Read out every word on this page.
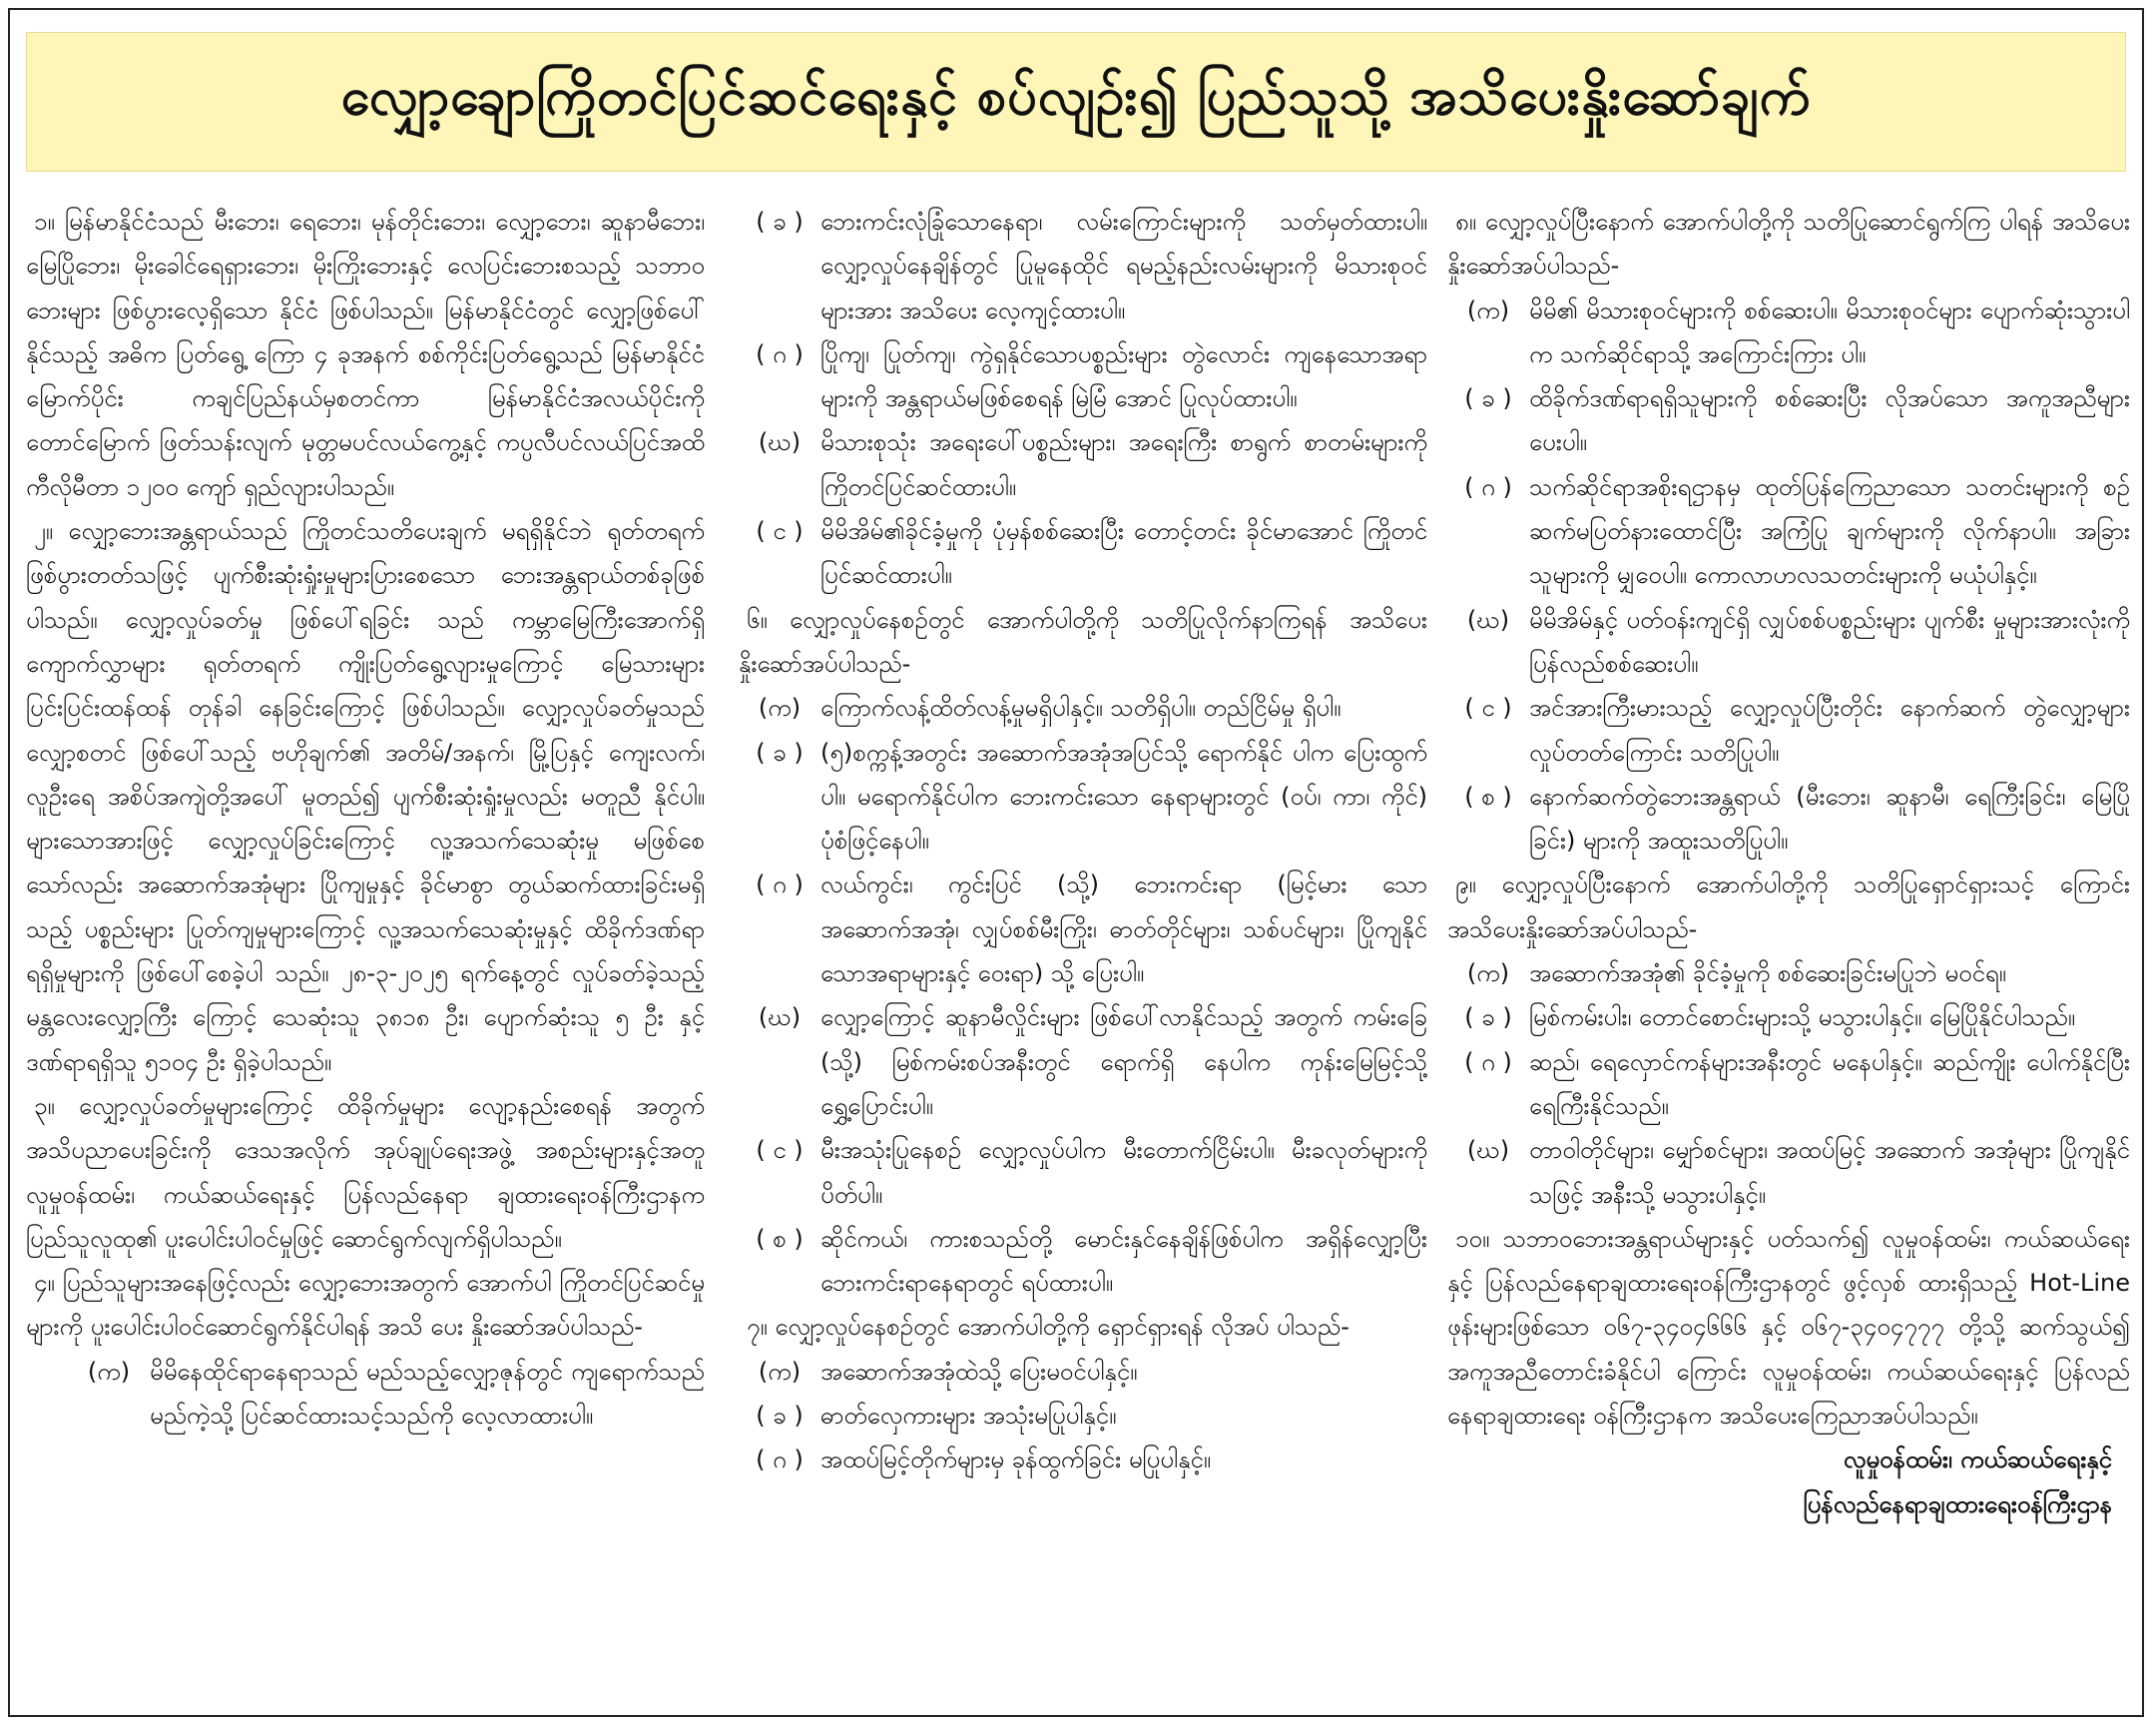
လျှော့ချောကြိုတင်ပြင်ဆင်ရေးနှင့် စပ်လျဉ်း၍ ပြည်သူသို့ အသိပေးနှိုးဆော်ချက်

၁။ မြန်မာနိုင်ငံသည် မီးဘေး၊ ရေဘေး၊ မုန်တိုင်းဘေး၊ လျှော့ဘေး၊ ဆူနာမီဘေး၊ မြေပြိုဘေး၊ မိုးခေါင်ရေရှားဘေး၊ မိုးကြိုးဘေးနှင့် လေပြင်းဘေးစသည့် သဘာဝဘေးများ ဖြစ်ပွားလေ့ရှိသော နိုင်ငံ ဖြစ်ပါသည်။ မြန်မာနိုင်ငံတွင် လျှော့ဖြစ်ပေါ်နိုင်သည့် အဓိက ပြတ်ရွေ့ ကြော ၄ ခုအနက် စစ်ကိုင်းပြတ်ရွေ့သည် မြန်မာနိုင်ငံမြောက်ပိုင်း ကချင်ပြည်နယ်မှစတင်ကာ မြန်မာနိုင်ငံအလယ်ပိုင်းကို တောင်မြောက် ဖြတ်သန်းလျက် မုတ္တမပင်လယ်ကွေ့နှင့် ကပ္ပလီပင်လယ်ပြင်အထိ ကီလိုမီတာ ၁၂၀၀ ကျော် ရှည်လျားပါသည်။

၂။ လျှော့ဘေးအန္တရာယ်သည် ကြိုတင်သတိပေးချက် မရရှိနိုင်ဘဲ ရုတ်တရက် ဖြစ်ပွားတတ်သဖြင့် ပျက်စီးဆုံးရှုံးမှုများပြားစေသော ဘေးအန္တရာယ်တစ်ခုဖြစ်ပါသည်။ လျှော့လှုပ်ခတ်မှု ဖြစ်ပေါ်ရခြင်း သည် ကမ္ဘာမြေကြီးအောက်ရှိ ကျောက်လွှာများ ရုတ်တရက် ကျိုးပြတ်ရွေ့လျားမှုကြောင့် မြေသားများ ပြင်းပြင်းထန်ထန် တုန်ခါ နေခြင်းကြောင့် ဖြစ်ပါသည်။ လျှော့လှုပ်ခတ်မှုသည် လျှော့စတင် ဖြစ်ပေါ်သည့် ဗဟိုချက်၏ အတိမ်/အနက်၊ မြို့ပြနှင့် ကျေးလက်၊ လူဦးရေ အစိပ်အကျဲတို့အပေါ် မူတည်၍ ပျက်စီးဆုံးရှုံးမှုလည်း မတူညီ နိုင်ပါ။ များသောအားဖြင့် လျှော့လှုပ်ခြင်းကြောင့် လူ့အသက်သေဆုံးမှု မဖြစ်စေသော်လည်း အဆောက်အအုံများ ပြိုကျမှုနှင့် ခိုင်မာစွာ တွယ်ဆက်ထားခြင်းမရှိသည့် ပစ္စည်းများ ပြုတ်ကျမှုများကြောင့် လူ့အသက်သေဆုံးမှုနှင့် ထိခိုက်ဒဏ်ရာ ရရှိမှုများကို ဖြစ်ပေါ်စေခဲ့ပါ သည်။ ၂၈-၃-၂၀၂၅ ရက်နေ့တွင် လှုပ်ခတ်ခဲ့သည့် မန္တလေးလျှော့ကြီး ကြောင့် သေဆုံးသူ ၃၈၁၈ ဦး၊ ပျောက်ဆုံးသူ ၅ ဦး နှင့် ဒဏ်ရာရရှိသူ ၅၁၀၄ ဦး ရှိခဲ့ပါသည်။

၃။ လျှော့လှုပ်ခတ်မှုများကြောင့် ထိခိုက်မှုများ လျော့နည်းစေရန် အတွက် အသိပညာပေးခြင်းကို ဒေသအလိုက် အုပ်ချုပ်ရေးအဖွဲ့ အစည်းများနှင့်အတူ လူမှုဝန်ထမ်း၊ ကယ်ဆယ်ရေးနှင့် ပြန်လည်နေရာ ချထားရေးဝန်ကြီးဌာနက ပြည်သူလူထု၏ ပူးပေါင်းပါဝင်မှုဖြင့် ဆောင်ရွက်လျက်ရှိပါသည်။

၄။ ပြည်သူများအနေဖြင့်လည်း လျှော့ဘေးအတွက် အောက်ပါ ကြိုတင်ပြင်ဆင်မှုများကို ပူးပေါင်းပါဝင်ဆောင်ရွက်နိုင်ပါရန် အသိ ပေး နှိုးဆော်အပ်ပါသည်-

(က) မိမိနေထိုင်ရာနေရာသည် မည်သည့်လျှော့ဇုန်တွင် ကျရောက်သည် မည်ကဲ့သို့ ပြင်ဆင်ထားသင့်သည်ကို လေ့လာထားပါ။
( ခ ) ဘေးကင်းလုံခြုံသောနေရာ၊ လမ်းကြောင်းများကို သတ်မှတ်ထားပါ။ လျှော့လှုပ်နေချိန်တွင် ပြုမူနေထိုင် ရမည့်နည်းလမ်းများကို မိသားစုဝင်များအား အသိပေး လေ့ကျင့်ထားပါ။
( ဂ ) ပြိုကျ၊ ပြုတ်ကျ၊ ကွဲရှနိုင်သောပစ္စည်းများ တွဲလောင်း ကျနေသောအရာများကို အန္တရာယ်မဖြစ်စေရန် မြဲမြံ အောင် ပြုလုပ်ထားပါ။
(ဃ) မိသားစုသုံး အရေးပေါ်ပစ္စည်းများ၊ အရေးကြီး စာရွက် စာတမ်းများကို ကြိုတင်ပြင်ဆင်ထားပါ။
( င ) မိမိအိမ်၏ခိုင်ခံ့မှုကို ပုံမှန်စစ်ဆေးပြီး တောင့်တင်း ခိုင်မာအောင် ကြိုတင်ပြင်ဆင်ထားပါ။

၆။ လျှော့လှုပ်နေစဉ်တွင် အောက်ပါတို့ကို သတိပြုလိုက်နာကြရန် အသိပေးနှိုးဆော်အပ်ပါသည်-

(က) ကြောက်လန့်ထိတ်လန့်မှုမရှိပါနှင့်။ သတိရှိပါ။ တည်ငြိမ်မှု ရှိပါ။
( ခ ) (၅)စက္ကန့်အတွင်း အဆောက်အအုံအပြင်သို့ ရောက်နိုင် ပါက ပြေးထွက်ပါ။ မရောက်နိုင်ပါက ဘေးကင်းသော နေရာများတွင် (ဝပ်၊ ကာ၊ ကိုင်) ပုံစံဖြင့်နေပါ။
( ဂ ) လယ်ကွင်း၊ ကွင်းပြင် (သို့) ဘေးကင်းရာ (မြင့်မား သော အဆောက်အအုံ၊ လျှပ်စစ်မီးကြိုး၊ ဓာတ်တိုင်များ၊ သစ်ပင်များ၊ ပြိုကျနိုင်သောအရာများနှင့် ဝေးရာ) သို့ ပြေးပါ။
(ဃ) လျှော့ကြောင့် ဆူနာမီလှိုင်းများ ဖြစ်ပေါ်လာနိုင်သည့် အတွက် ကမ်းခြေ (သို့) မြစ်ကမ်းစပ်အနီးတွင် ရောက်ရှိ နေပါက ကုန်းမြေမြင့်သို့ ရွှေ့ပြောင်းပါ။
( င ) မီးအသုံးပြုနေစဉ် လျှော့လှုပ်ပါက မီးတောက်ငြိမ်းပါ။ မီးခလုတ်များကို ပိတ်ပါ။
( စ ) ဆိုင်ကယ်၊ ကားစသည်တို့ မောင်းနှင်နေချိန်ဖြစ်ပါက အရှိန်လျှော့ပြီး ဘေးကင်းရာနေရာတွင် ရပ်ထားပါ။

၇။ လျှော့လှုပ်နေစဉ်တွင် အောက်ပါတို့ကို ရှောင်ရှားရန် လိုအပ် ပါသည်-

(က) အဆောက်အအုံထဲသို့ ပြေးမဝင်ပါနှင့်။
( ခ ) ဓာတ်လှေကားများ အသုံးမပြုပါနှင့်။
( ဂ ) အထပ်မြင့်တိုက်များမှ ခုန်ထွက်ခြင်း မပြုပါနှင့်။

၈။ လျှော့လှုပ်ပြီးနောက် အောက်ပါတို့ကို သတိပြုဆောင်ရွက်ကြ ပါရန် အသိပေးနှိုးဆော်အပ်ပါသည်-

(က) မိမိ၏ မိသားစုဝင်များကို စစ်ဆေးပါ။ မိသားစုဝင်များ ပျောက်ဆုံးသွားပါက သက်ဆိုင်ရာသို့ အကြောင်းကြား ပါ။
( ခ ) ထိခိုက်ဒဏ်ရာရရှိသူများကို စစ်ဆေးပြီး လိုအပ်သော အကူအညီများပေးပါ။
( ဂ ) သက်ဆိုင်ရာအစိုးရဌာနမှ ထုတ်ပြန်ကြေညာသော သတင်းများကို စဉ်ဆက်မပြတ်နားထောင်ပြီး အကြံပြု ချက်များကို လိုက်နာပါ။ အခြားသူများကို မျှဝေပါ။ ကောလာဟလသတင်းများကို မယုံပါနှင့်။
(ဃ) မိမိအိမ်နှင့် ပတ်ဝန်းကျင်ရှိ လျှပ်စစ်ပစ္စည်းများ ပျက်စီး မှုများအားလုံးကို ပြန်လည်စစ်ဆေးပါ။
( င ) အင်အားကြီးမားသည့် လျှော့လှုပ်ပြီးတိုင်း နောက်ဆက် တွဲလျှော့များ လှုပ်တတ်ကြောင်း သတိပြုပါ။
( စ ) နောက်ဆက်တွဲဘေးအန္တရာယ် (မီးဘေး၊ ဆူနာမီ၊ ရေကြီးခြင်း၊ မြေပြိုခြင်း) များကို အထူးသတိပြုပါ။

၉။ လျှော့လှုပ်ပြီးနောက် အောက်ပါတို့ကို သတိပြုရှောင်ရှားသင့် ကြောင်း အသိပေးနှိုးဆော်အပ်ပါသည်-

(က) အဆောက်အအုံ၏ ခိုင်ခံ့မှုကို စစ်ဆေးခြင်းမပြုဘဲ မဝင်ရ။
( ခ ) မြစ်ကမ်းပါး၊ တောင်စောင်းများသို့ မသွားပါနှင့်။ မြေပြိုနိုင်ပါသည်။
( ဂ ) ဆည်၊ ရေလှောင်ကန်များအနီးတွင် မနေပါနှင့်။ ဆည်ကျိုး ပေါက်နိုင်ပြီး ရေကြီးနိုင်သည်။
(ဃ) တာဝါတိုင်များ၊ မျှော်စင်များ၊ အထပ်မြင့် အဆောက် အအုံများ ပြိုကျနိုင်သဖြင့် အနီးသို့ မသွားပါနှင့်။

၁၀။ သဘာဝဘေးအန္တရာယ်များနှင့် ပတ်သက်၍ လူမှုဝန်ထမ်း၊ ကယ်ဆယ်ရေးနှင့် ပြန်လည်နေရာချထားရေးဝန်ကြီးဌာနတွင် ဖွင့်လှစ် ထားရှိသည့် Hot-Line ဖုန်းများဖြစ်သော ၀၆၇-၃၄၀၄၆၆၆ နှင့် ၀၆၇-၃၄၀၄၇၇၇ တို့သို့ ဆက်သွယ်၍ အကူအညီတောင်းခံနိုင်ပါ ကြောင်း လူမှုဝန်ထမ်း၊ ကယ်ဆယ်ရေးနှင့် ပြန်လည်နေရာချထားရေး ဝန်ကြီးဌာနက အသိပေးကြေညာအပ်ပါသည်။

လူမှုဝန်ထမ်း၊ ကယ်ဆယ်ရေးနှင့်
ပြန်လည်နေရာချထားရေးဝန်ကြီးဌာန
